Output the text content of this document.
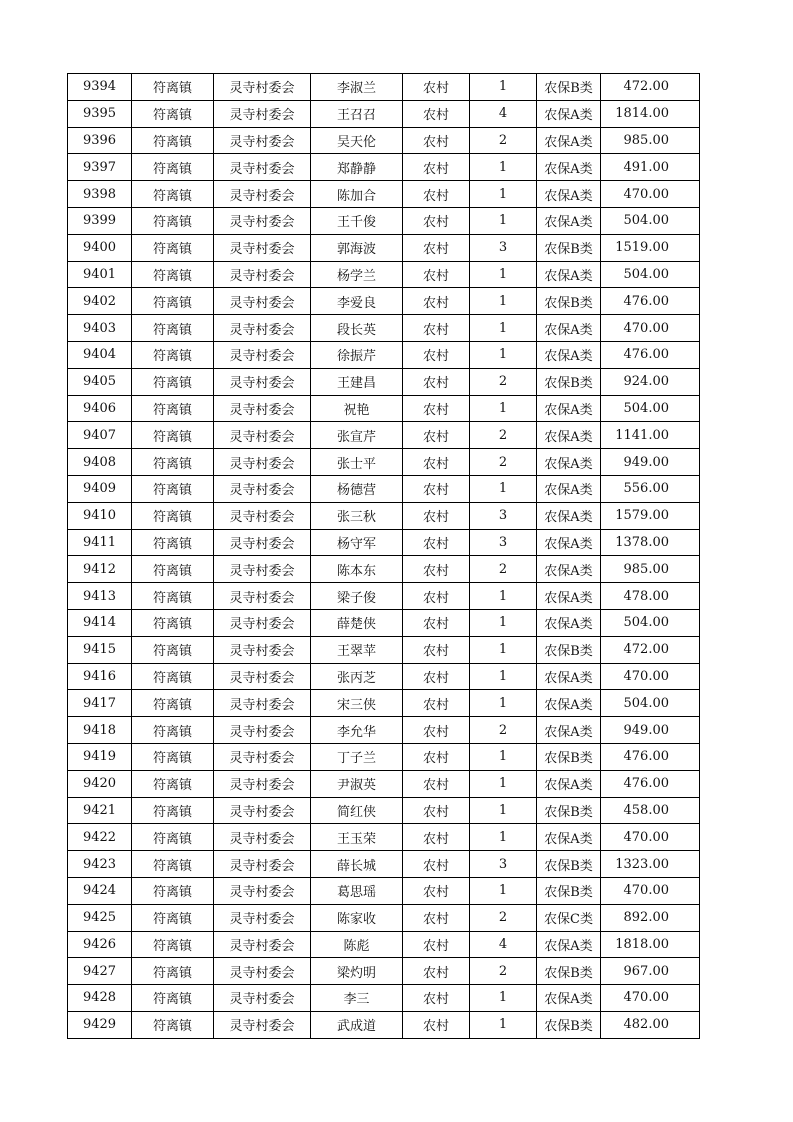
9394	符离镇	灵寺村委会	李淑兰	农村	1	农保B类	472.00
9395	符离镇	灵寺村委会	王召召	农村	4	农保A类	1814.00
9396	符离镇	灵寺村委会	吴天伦	农村	2	农保A类	985.00
9397	符离镇	灵寺村委会	郑静静	农村	1	农保A类	491.00
9398	符离镇	灵寺村委会	陈加合	农村	1	农保A类	470.00
9399	符离镇	灵寺村委会	王千俊	农村	1	农保A类	504.00
9400	符离镇	灵寺村委会	郭海波	农村	3	农保B类	1519.00
9401	符离镇	灵寺村委会	杨学兰	农村	1	农保A类	504.00
9402	符离镇	灵寺村委会	李爱良	农村	1	农保B类	476.00
9403	符离镇	灵寺村委会	段长英	农村	1	农保A类	470.00
9404	符离镇	灵寺村委会	徐振芹	农村	1	农保A类	476.00
9405	符离镇	灵寺村委会	王建昌	农村	2	农保B类	924.00
9406	符离镇	灵寺村委会	祝艳	农村	1	农保A类	504.00
9407	符离镇	灵寺村委会	张宣芹	农村	2	农保A类	1141.00
9408	符离镇	灵寺村委会	张士平	农村	2	农保A类	949.00
9409	符离镇	灵寺村委会	杨德营	农村	1	农保A类	556.00
9410	符离镇	灵寺村委会	张三秋	农村	3	农保A类	1579.00
9411	符离镇	灵寺村委会	杨守军	农村	3	农保A类	1378.00
9412	符离镇	灵寺村委会	陈本东	农村	2	农保A类	985.00
9413	符离镇	灵寺村委会	梁子俊	农村	1	农保A类	478.00
9414	符离镇	灵寺村委会	薛楚侠	农村	1	农保A类	504.00
9415	符离镇	灵寺村委会	王翠苹	农村	1	农保B类	472.00
9416	符离镇	灵寺村委会	张丙芝	农村	1	农保A类	470.00
9417	符离镇	灵寺村委会	宋三侠	农村	1	农保A类	504.00
9418	符离镇	灵寺村委会	李允华	农村	2	农保A类	949.00
9419	符离镇	灵寺村委会	丁子兰	农村	1	农保B类	476.00
9420	符离镇	灵寺村委会	尹淑英	农村	1	农保A类	476.00
9421	符离镇	灵寺村委会	简红侠	农村	1	农保B类	458.00
9422	符离镇	灵寺村委会	王玉荣	农村	1	农保A类	470.00
9423	符离镇	灵寺村委会	薛长城	农村	3	农保B类	1323.00
9424	符离镇	灵寺村委会	葛思瑶	农村	1	农保B类	470.00
9425	符离镇	灵寺村委会	陈家收	农村	2	农保C类	892.00
9426	符离镇	灵寺村委会	陈彪	农村	4	农保A类	1818.00
9427	符离镇	灵寺村委会	梁灼明	农村	2	农保B类	967.00
9428	符离镇	灵寺村委会	李三	农村	1	农保A类	470.00
9429	符离镇	灵寺村委会	武成道	农村	1	农保B类	482.00
